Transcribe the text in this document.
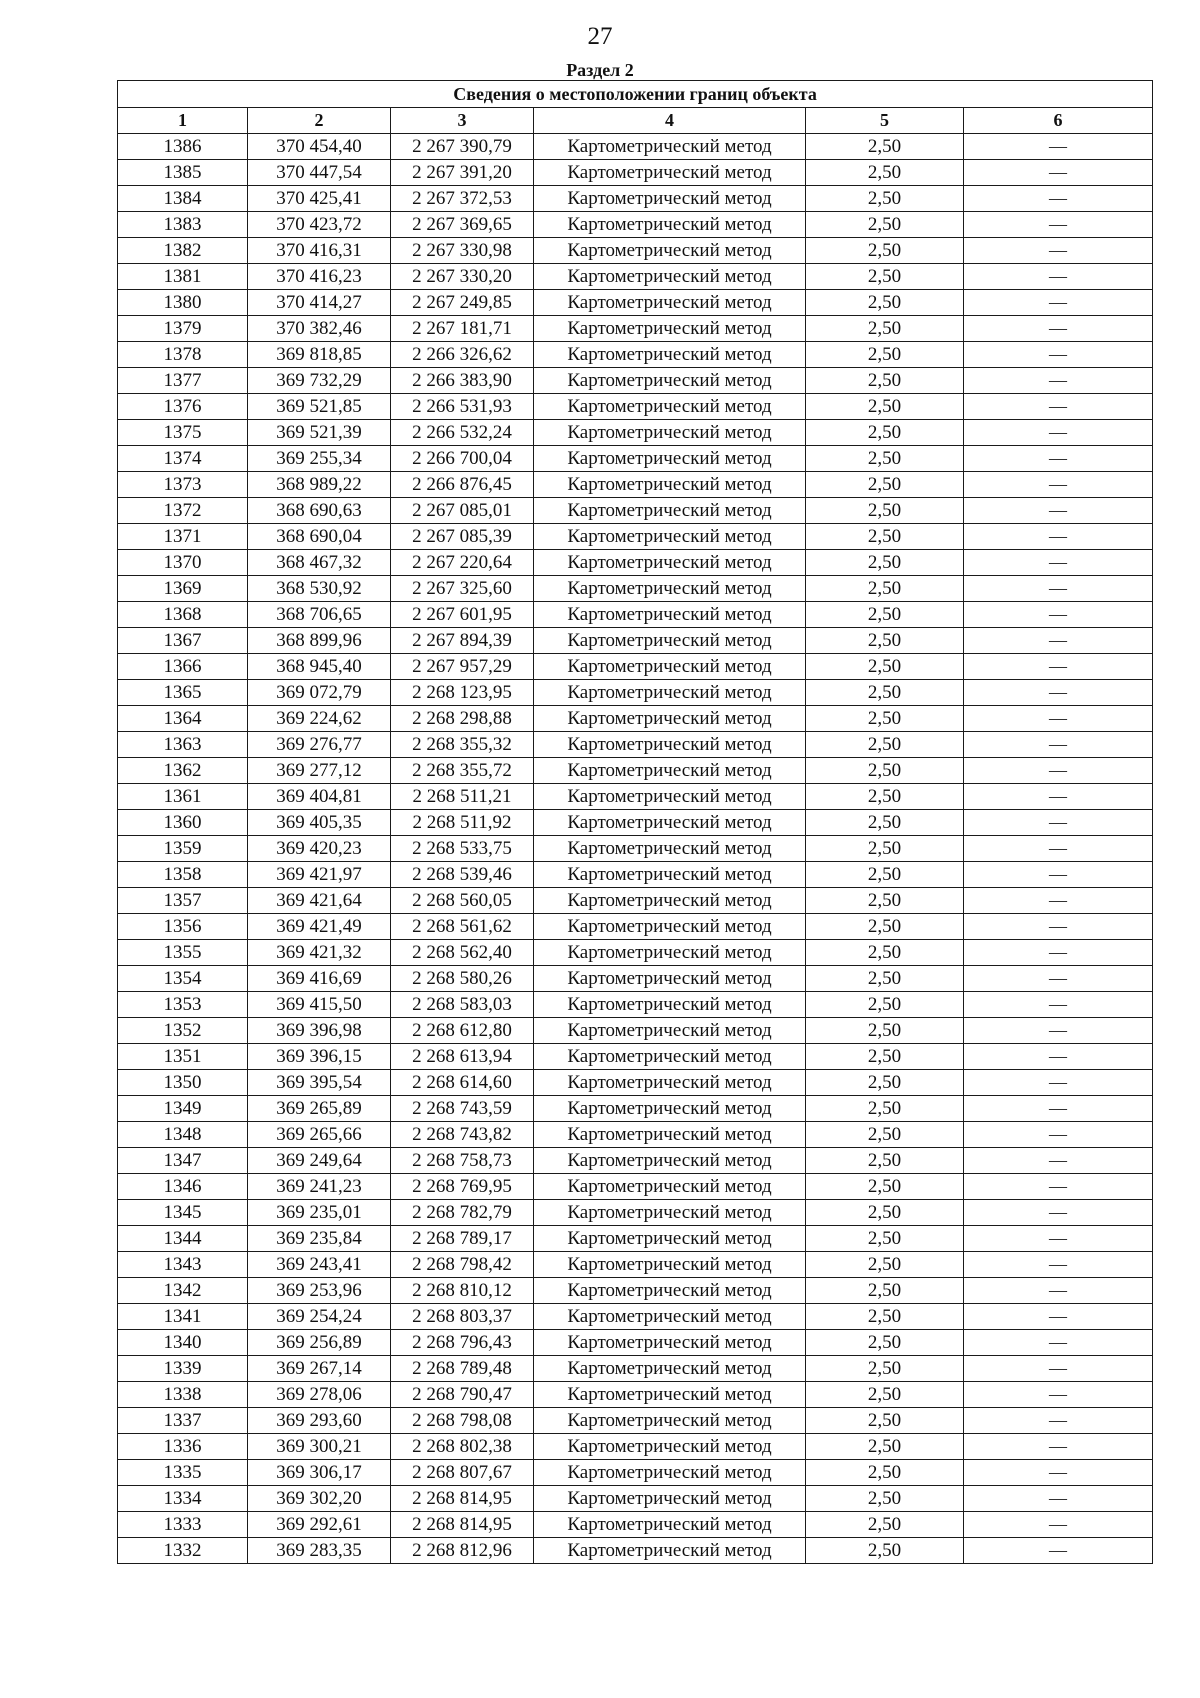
27
Раздел 2
Сведения о местоположении границ объекта					
1	2	3	4	5	6
1386	370 454,40	2 267 390,79	Картометрический метод	2,50	—
1385	370 447,54	2 267 391,20	Картометрический метод	2,50	—
1384	370 425,41	2 267 372,53	Картометрический метод	2,50	—
1383	370 423,72	2 267 369,65	Картометрический метод	2,50	—
1382	370 416,31	2 267 330,98	Картометрический метод	2,50	—
1381	370 416,23	2 267 330,20	Картометрический метод	2,50	—
1380	370 414,27	2 267 249,85	Картометрический метод	2,50	—
1379	370 382,46	2 267 181,71	Картометрический метод	2,50	—
1378	369 818,85	2 266 326,62	Картометрический метод	2,50	—
1377	369 732,29	2 266 383,90	Картометрический метод	2,50	—
1376	369 521,85	2 266 531,93	Картометрический метод	2,50	—
1375	369 521,39	2 266 532,24	Картометрический метод	2,50	—
1374	369 255,34	2 266 700,04	Картометрический метод	2,50	—
1373	368 989,22	2 266 876,45	Картометрический метод	2,50	—
1372	368 690,63	2 267 085,01	Картометрический метод	2,50	—
1371	368 690,04	2 267 085,39	Картометрический метод	2,50	—
1370	368 467,32	2 267 220,64	Картометрический метод	2,50	—
1369	368 530,92	2 267 325,60	Картометрический метод	2,50	—
1368	368 706,65	2 267 601,95	Картометрический метод	2,50	—
1367	368 899,96	2 267 894,39	Картометрический метод	2,50	—
1366	368 945,40	2 267 957,29	Картометрический метод	2,50	—
1365	369 072,79	2 268 123,95	Картометрический метод	2,50	—
1364	369 224,62	2 268 298,88	Картометрический метод	2,50	—
1363	369 276,77	2 268 355,32	Картометрический метод	2,50	—
1362	369 277,12	2 268 355,72	Картометрический метод	2,50	—
1361	369 404,81	2 268 511,21	Картометрический метод	2,50	—
1360	369 405,35	2 268 511,92	Картометрический метод	2,50	—
1359	369 420,23	2 268 533,75	Картометрический метод	2,50	—
1358	369 421,97	2 268 539,46	Картометрический метод	2,50	—
1357	369 421,64	2 268 560,05	Картометрический метод	2,50	—
1356	369 421,49	2 268 561,62	Картометрический метод	2,50	—
1355	369 421,32	2 268 562,40	Картометрический метод	2,50	—
1354	369 416,69	2 268 580,26	Картометрический метод	2,50	—
1353	369 415,50	2 268 583,03	Картометрический метод	2,50	—
1352	369 396,98	2 268 612,80	Картометрический метод	2,50	—
1351	369 396,15	2 268 613,94	Картометрический метод	2,50	—
1350	369 395,54	2 268 614,60	Картометрический метод	2,50	—
1349	369 265,89	2 268 743,59	Картометрический метод	2,50	—
1348	369 265,66	2 268 743,82	Картометрический метод	2,50	—
1347	369 249,64	2 268 758,73	Картометрический метод	2,50	—
1346	369 241,23	2 268 769,95	Картометрический метод	2,50	—
1345	369 235,01	2 268 782,79	Картометрический метод	2,50	—
1344	369 235,84	2 268 789,17	Картометрический метод	2,50	—
1343	369 243,41	2 268 798,42	Картометрический метод	2,50	—
1342	369 253,96	2 268 810,12	Картометрический метод	2,50	—
1341	369 254,24	2 268 803,37	Картометрический метод	2,50	—
1340	369 256,89	2 268 796,43	Картометрический метод	2,50	—
1339	369 267,14	2 268 789,48	Картометрический метод	2,50	—
1338	369 278,06	2 268 790,47	Картометрический метод	2,50	—
1337	369 293,60	2 268 798,08	Картометрический метод	2,50	—
1336	369 300,21	2 268 802,38	Картометрический метод	2,50	—
1335	369 306,17	2 268 807,67	Картометрический метод	2,50	—
1334	369 302,20	2 268 814,95	Картометрический метод	2,50	—
1333	369 292,61	2 268 814,95	Картометрический метод	2,50	—
1332	369 283,35	2 268 812,96	Картометрический метод	2,50	—
